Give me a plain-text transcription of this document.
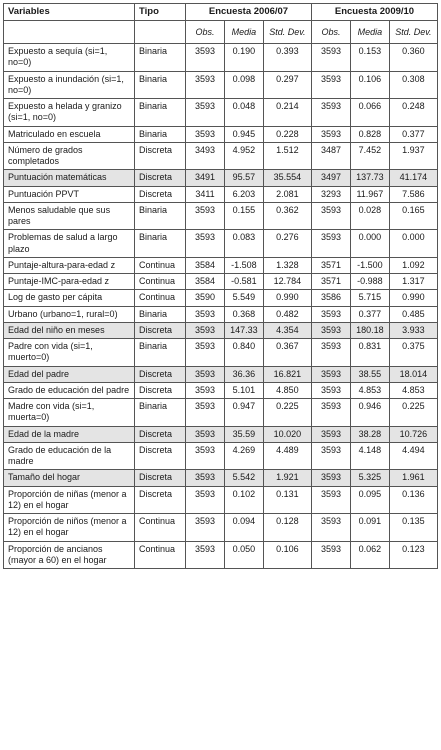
Variables	Tipo	Encuesta 2006/07			Encuesta 2009/10		
		Obs.	Media	Std. Dev.	Obs.	Media	Std. Dev.
Expuesto a sequía (si=1, no=0)	Binaria	3593	0.190	0.393	3593	0.153	0.360
Expuesto a inundación (si=1, no=0)	Binaria	3593	0.098	0.297	3593	0.106	0.308
Expuesto a helada y granizo (si=1, no=0)	Binaria	3593	0.048	0.214	3593	0.066	0.248
Matriculado en escuela	Binaria	3593	0.945	0.228	3593	0.828	0.377
Número de grados completados	Discreta	3493	4.952	1.512	3487	7.452	1.937
Puntuación matemáticas	Discreta	3491	95.57	35.554	3497	137.73	41.174
Puntuación PPVT	Discreta	3411	6.203	2.081	3293	11.967	7.586
Menos saludable que sus pares	Binaria	3593	0.155	0.362	3593	0.028	0.165
Problemas de salud a largo plazo	Binaria	3593	0.083	0.276	3593	0.000	0.000
Puntaje-altura-para-edad z	Continua	3584	-1.508	1.328	3571	-1.500	1.092
Puntaje-IMC-para-edad z	Continua	3584	-0.581	12.784	3571	-0.988	1.317
Log de gasto per cápita	Continua	3590	5.549	0.990	3586	5.715	0.990
Urbano (urbano=1, rural=0)	Binaria	3593	0.368	0.482	3593	0.377	0.485
Edad del niño en meses	Discreta	3593	147.33	4.354	3593	180.18	3.933
Padre con vida (si=1, muerto=0)	Binaria	3593	0.840	0.367	3593	0.831	0.375
Edad del padre	Discreta	3593	36.36	16.821	3593	38.55	18.014
Grado de educación del padre	Discreta	3593	5.101	4.850	3593	4.853	4.853
Madre con vida (si=1, muerta=0)	Binaria	3593	0.947	0.225	3593	0.946	0.225
Edad de la madre	Discreta	3593	35.59	10.020	3593	38.28	10.726
Grado de educación de la madre	Discreta	3593	4.269	4.489	3593	4.148	4.494
Tamaño del hogar	Discreta	3593	5.542	1.921	3593	5.325	1.961
Proporción de niñas (menor a 12) en el hogar	Discreta	3593	0.102	0.131	3593	0.095	0.136
Proporción de niños (menor a 12) en el hogar	Continua	3593	0.094	0.128	3593	0.091	0.135
Proporción de ancianos (mayor a 60) en el hogar	Continua	3593	0.050	0.106	3593	0.062	0.123
